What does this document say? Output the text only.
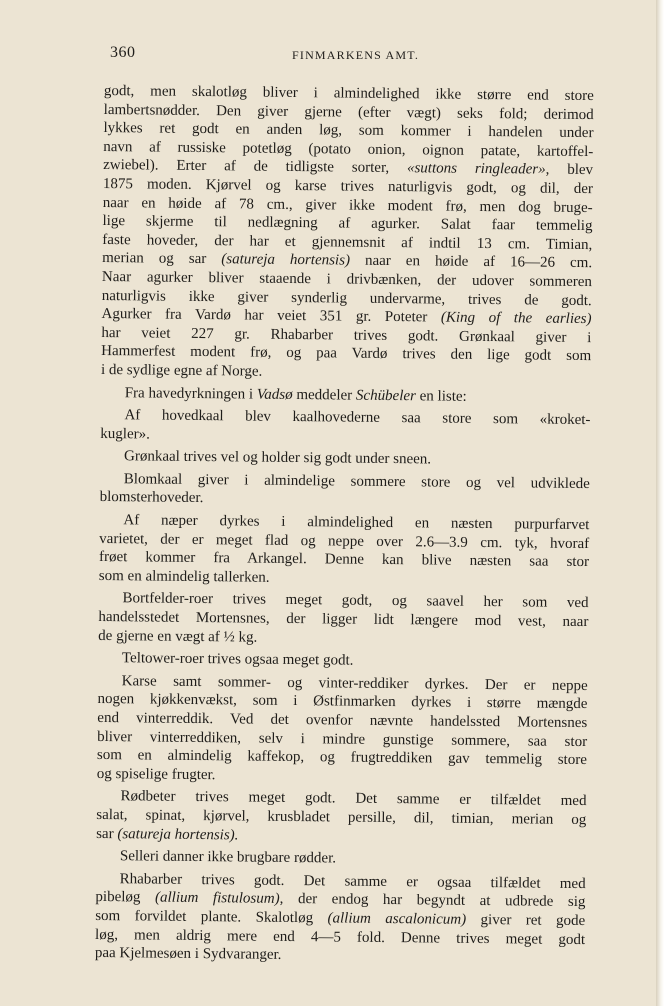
360	FINMARKENS AMT.
godt, men skalotløg bliver i almindelighed ikke større end store
lambertsnødder. Den giver gjerne (efter vægt) seks fold; derimod
lykkes ret godt en anden løg, som kommer i handelen under
navn af russiske potetløg (potato onion, oignon patate, kartoffel-
zwiebel). Erter af de tidligste sorter, «suttons ringleader», blev
1875 moden. Kjørvel og karse trives naturligvis godt, og dil, der
naar en høide af 78 cm., giver ikke modent frø, men dog bruge-
lige skjerme til nedlægning af agurker. Salat faar temmelig
faste hoveder, der har et gjennemsnit af indtil 13 cm. Timian,
merian og sar (satureja hortensis) naar en høide af 16—26 cm.
Naar agurker bliver staaende i drivbænken, der udover sommeren
naturligvis ikke giver synderlig undervarme, trives de godt.
Agurker fra Vardø har veiet 351 gr. Poteter (King of the earlies)
har veiet 227 gr. Rhabarber trives godt. Grønkaal giver i
Hammerfest modent frø, og paa Vardø trives den lige godt som
i de sydlige egne af Norge.
Fra havedyrkningen i Vadsø meddeler Schübeler en liste:
Af hovedkaal blev kaalhovederne saa store som «kroket-
kugler».
Grønkaal trives vel og holder sig godt under sneen.
Blomkaal giver i almindelige sommere store og vel udviklede
blomsterhoveder.
Af næper dyrkes i almindelighed en næsten purpurfarvet
varietet, der er meget flad og neppe over 2.6—3.9 cm. tyk, hvoraf
frøet kommer fra Arkangel. Denne kan blive næsten saa stor
som en almindelig tallerken.
Bortfelder-roer trives meget godt, og saavel her som ved
handelsstedet Mortensnes, der ligger lidt længere mod vest, naar
de gjerne en vægt af ½ kg.
Teltower-roer trives ogsaa meget godt.
Karse samt sommer- og vinter-reddiker dyrkes. Der er neppe
nogen kjøkkenvækst, som i Østfinmarken dyrkes i større mængde
end vinterreddik. Ved det ovenfor nævnte handelssted Mortensnes
bliver vinterreddiken, selv i mindre gunstige sommere, saa stor
som en almindelig kaffekop, og frugtreddiken gav temmelig store
og spiselige frugter.
Rødbeter trives meget godt. Det samme er tilfældet med
salat, spinat, kjørvel, krusbladet persille, dil, timian, merian og
sar (satureja hortensis).
Selleri danner ikke brugbare rødder.
Rhabarber trives godt. Det samme er ogsaa tilfældet med
pibeløg (allium fistulosum), der endog har begyndt at udbrede sig
som forvildet plante. Skalotløg (allium ascalonicum) giver ret gode
løg, men aldrig mere end 4—5 fold. Denne trives meget godt
paa Kjelmesøen i Sydvaranger.
